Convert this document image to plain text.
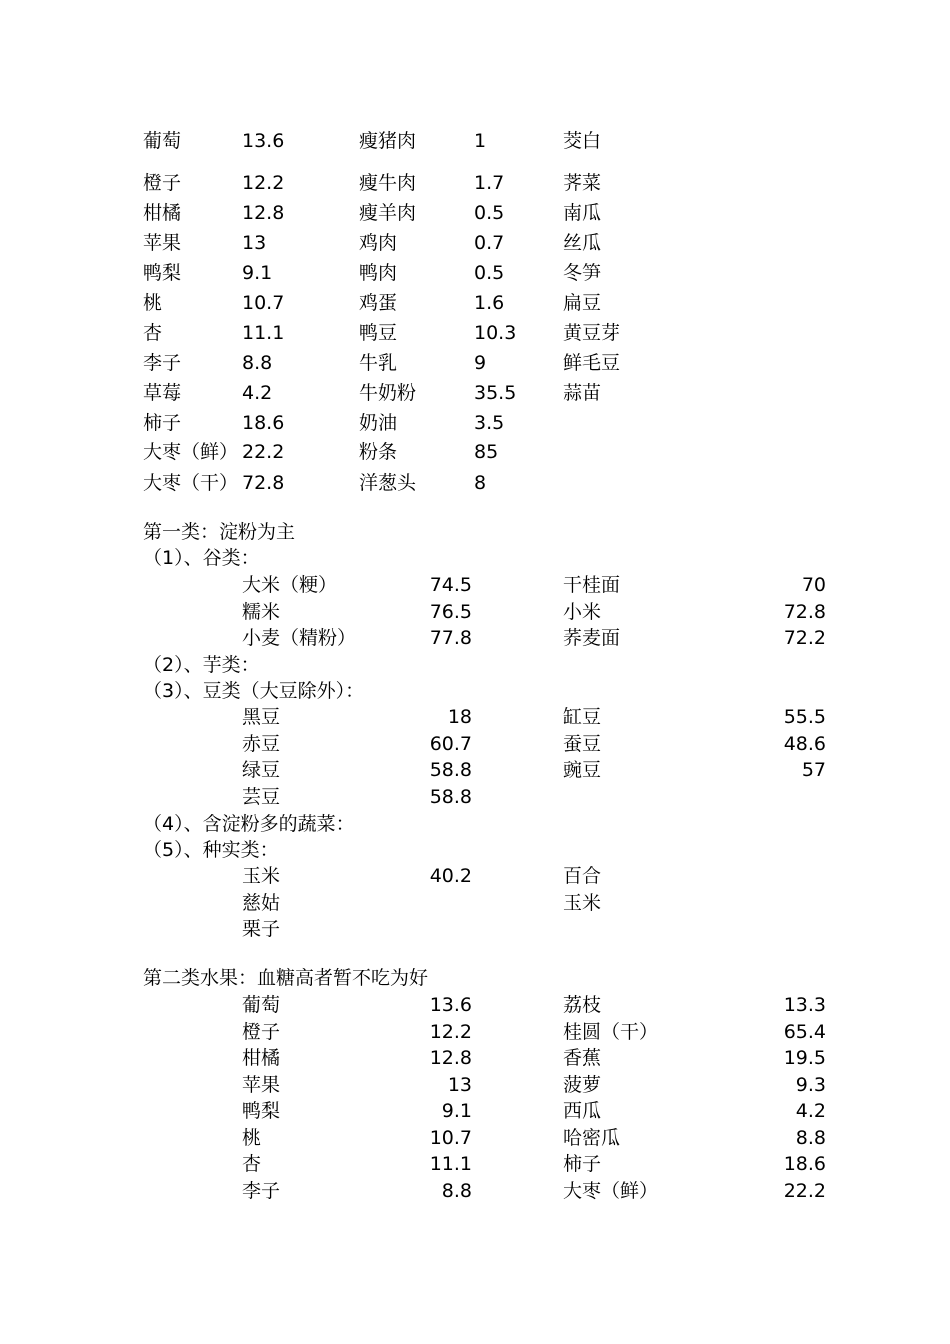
葡萄	13.6	瘦猪肉	1	茭白
橙子	12.2	瘦牛肉	1.7	荠菜
柑橘	12.8	瘦羊肉	0.5	南瓜
苹果	13	鸡肉	0.7	丝瓜
鸭梨	9.1	鸭肉	0.5	冬笋
桃	10.7	鸡蛋	1.6	扁豆
杏	11.1	鸭豆	10.3 黄豆芽
李子	8.8	牛乳	9	鲜毛豆
草莓	4.2	牛奶粉	35.5 蒜苗
柿子	18.6	奶油	3.5
大枣（鲜） 22.2	粉条	85
大枣（干） 72.8	洋葱头	8
第一类：淀粉为主
（1）、谷类：
大米（粳）	74.5	干桂面	70
糯米	76.5	小米	72.8
小麦（精粉）	77.8	荞麦面	72.2
（2）、芋类：
（3）、豆类（大豆除外）：
黑豆	18	缸豆	55.5
赤豆	60.7	蚕豆	48.6
绿豆	58.8	豌豆	57
芸豆	58.8
（4）、含淀粉多的蔬菜：
（5）、种实类：
玉米	40.2	百合
慈姑	玉米
栗子
第二类水果：血糖高者暂不吃为好
葡萄	13.6	荔枝	13.3
橙子	12.2	桂圆（干）	65.4
柑橘	12.8	香蕉	19.5
苹果	13	菠萝	9.3
鸭梨	9.1	西瓜	4.2
桃	10.7	哈密瓜	8.8
杏	11.1	柿子	18.6
李子	8.8	大枣（鲜）	22.2
